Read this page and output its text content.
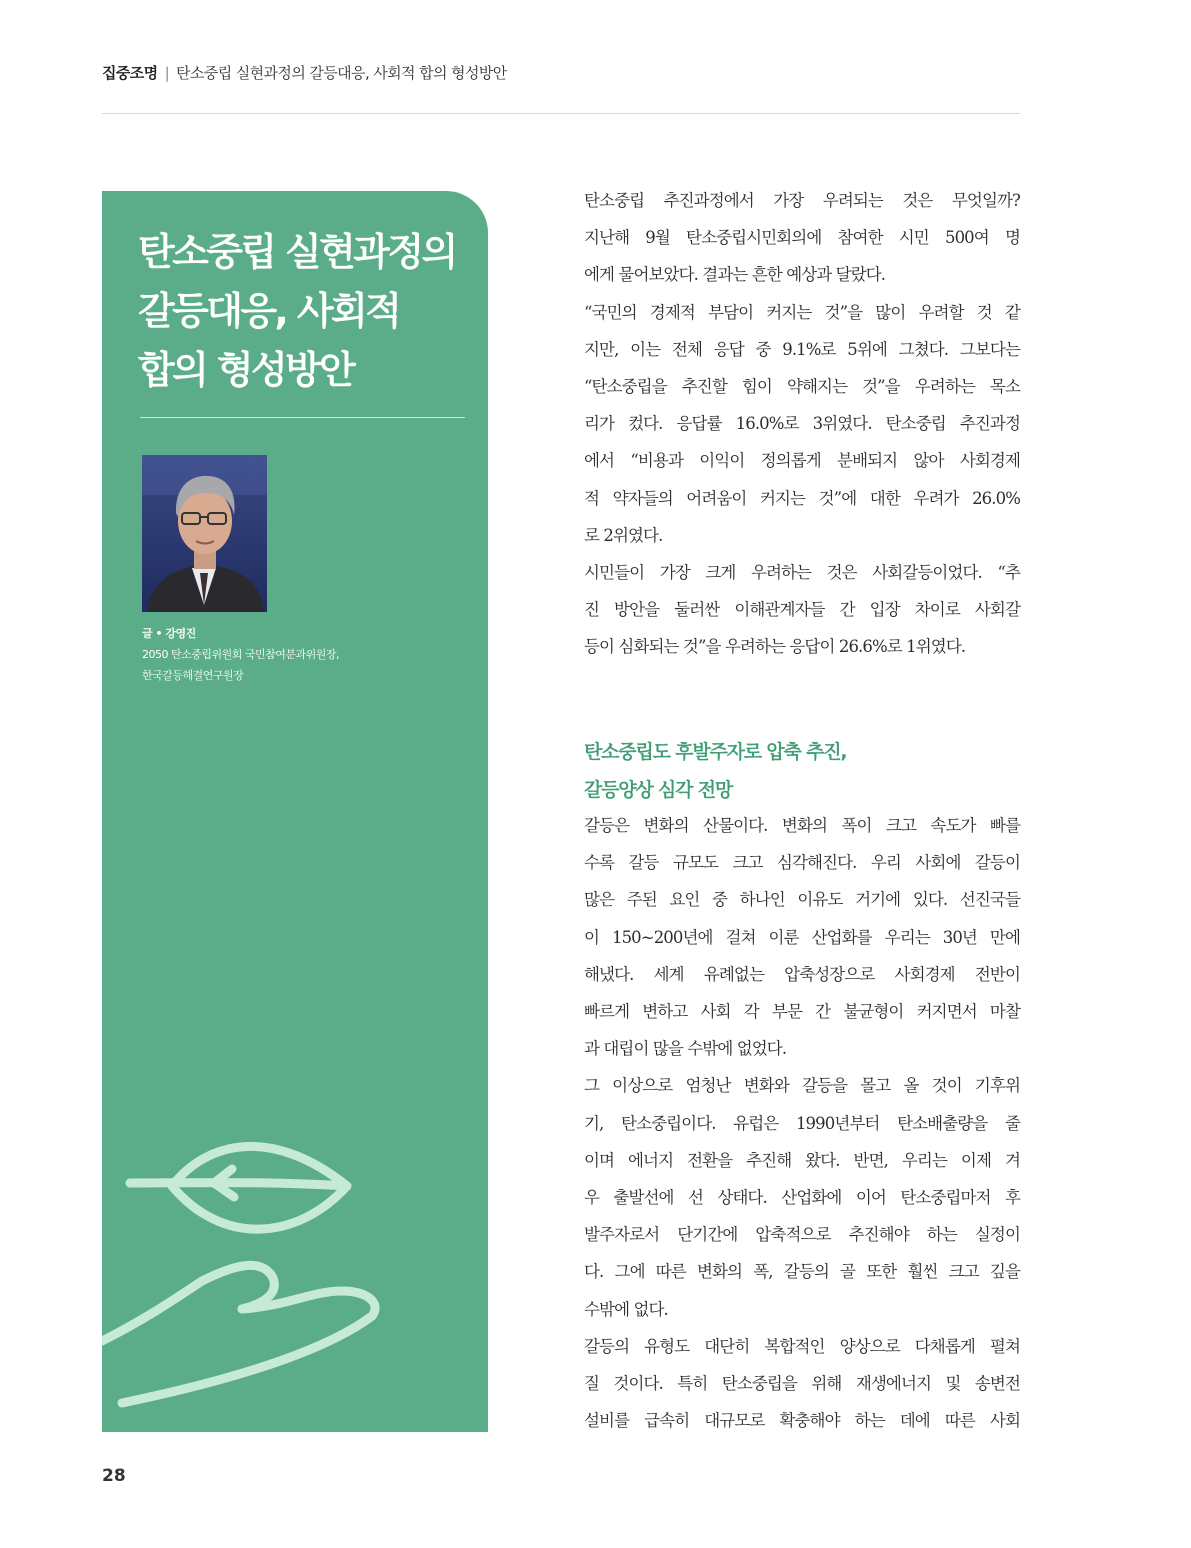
집중조명 | 탄소중립 실현과정의 갈등대응, 사회적 합의 형성방안
탄소중립 실현과정의
갈등대응, 사회적
합의 형성방안
글 • 강영진
2050 탄소중립위원회 국민참여분과위원장,
한국갈등해결연구원장

탄소중립 추진과정에서 가장 우려되는 것은 무엇일까?
지난해 9월 탄소중립시민회의에 참여한 시민 500여 명
에게 물어보았다. 결과는 흔한 예상과 달랐다.

“국민의 경제적 부담이 커지는 것”을 많이 우려할 것 같
지만, 이는 전체 응답 중 9.1%로 5위에 그쳤다. 그보다는
“탄소중립을 추진할 힘이 약해지는 것”을 우려하는 목소
리가 컸다. 응답률 16.0%로 3위였다. 탄소중립 추진과정
에서 “비용과 이익이 정의롭게 분배되지 않아 사회경제
적 약자들의 어려움이 커지는 것”에 대한 우려가 26.0%
로 2위였다.

시민들이 가장 크게 우려하는 것은 사회갈등이었다. “추
진 방안을 둘러싼 이해관계자들 간 입장 차이로 사회갈
등이 심화되는 것”을 우려하는 응답이 26.6%로 1위였다.

탄소중립도 후발주자로 압축 추진,
갈등양상 심각 전망

갈등은 변화의 산물이다. 변화의 폭이 크고 속도가 빠를
수록 갈등 규모도 크고 심각해진다. 우리 사회에 갈등이
많은 주된 요인 중 하나인 이유도 거기에 있다. 선진국들
이 150~200년에 걸쳐 이룬 산업화를 우리는 30년 만에
해냈다. 세계 유례없는 압축성장으로 사회경제 전반이
빠르게 변하고 사회 각 부문 간 불균형이 커지면서 마찰
과 대립이 많을 수밖에 없었다.

그 이상으로 엄청난 변화와 갈등을 몰고 올 것이 기후위
기, 탄소중립이다. 유럽은 1990년부터 탄소배출량을 줄
이며 에너지 전환을 추진해 왔다. 반면, 우리는 이제 겨
우 출발선에 선 상태다. 산업화에 이어 탄소중립마저 후
발주자로서 단기간에 압축적으로 추진해야 하는 실정이
다. 그에 따른 변화의 폭, 갈등의 골 또한 훨씬 크고 깊을
수밖에 없다.

갈등의 유형도 대단히 복합적인 양상으로 다채롭게 펼쳐
질 것이다. 특히 탄소중립을 위해 재생에너지 및 송변전
설비를 급속히 대규모로 확충해야 하는 데에 따른 사회

28
